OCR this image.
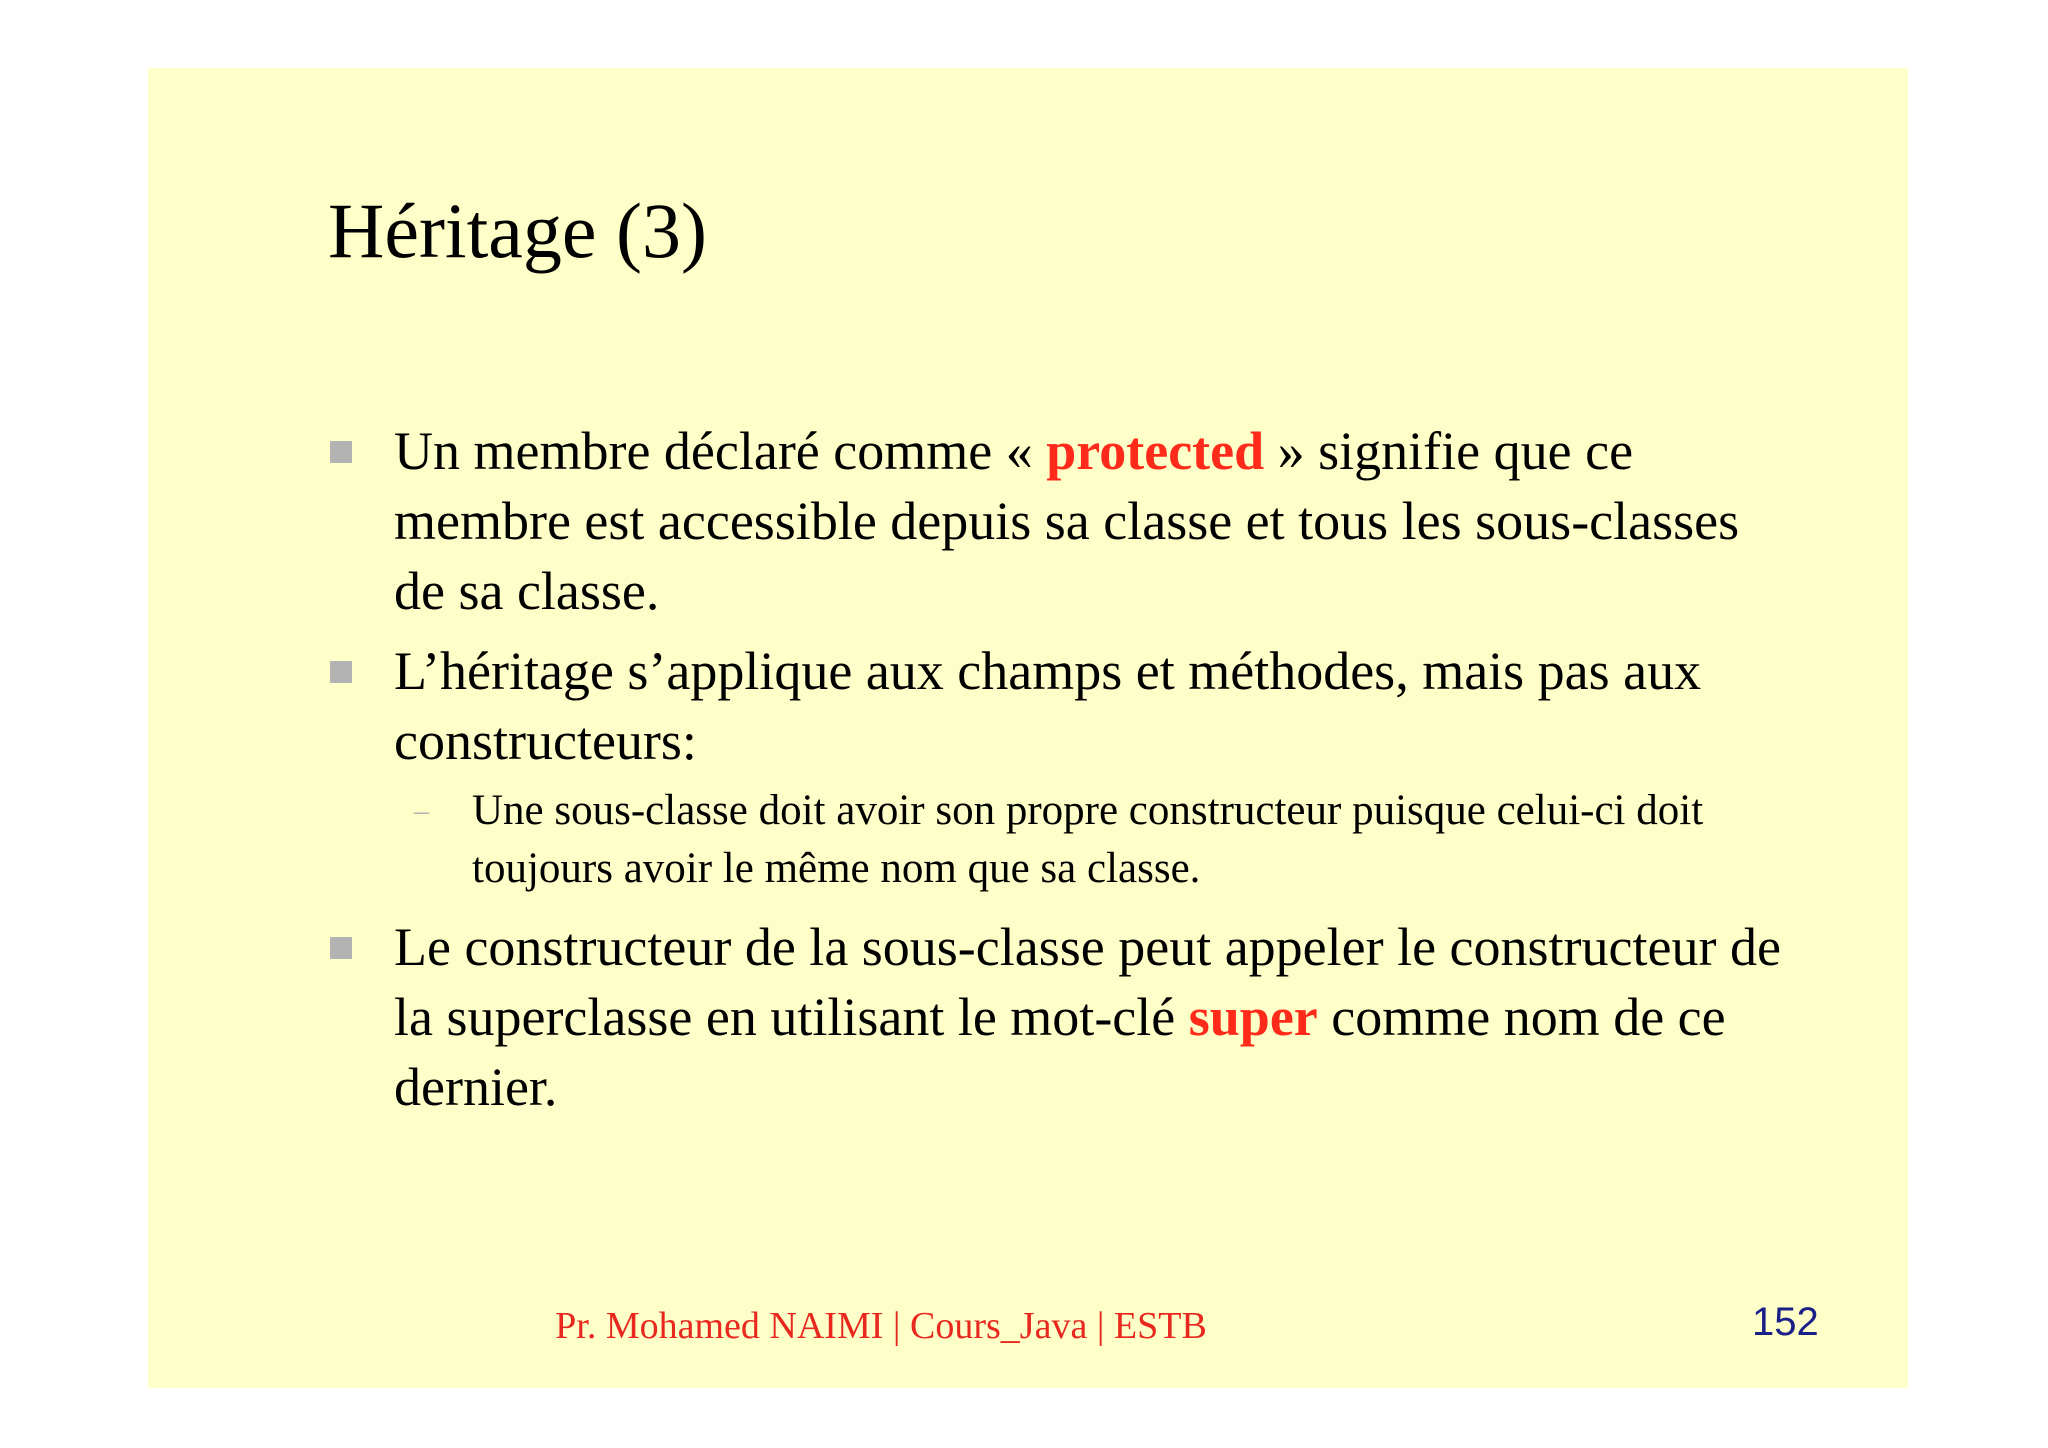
Héritage (3)
Un membre déclaré comme « protected » signifie que ce membre est accessible depuis sa classe et tous les sous-classes de sa classe.
L’héritage s’applique aux champs et méthodes, mais pas aux constructeurs:
– Une sous-classe doit avoir son propre constructeur puisque celui-ci doit toujours avoir le même nom que sa classe.
Le constructeur de la sous-classe peut appeler le constructeur de la superclasse en utilisant le mot-clé super comme nom de ce dernier.
Pr. Mohamed NAIMI | Cours_Java | ESTB	152
